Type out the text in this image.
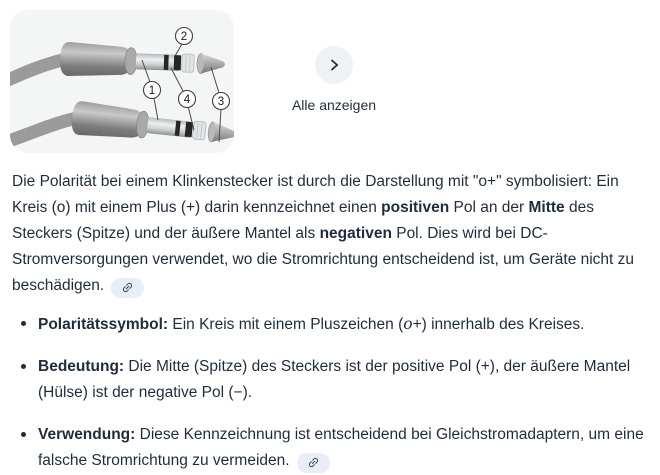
2
1
4 3	Alle anzeigen

Die Polarität bei einem Klinkenstecker ist durch die Darstellung mit "o+" symbolisiert: Ein Kreis (o) mit einem Plus (+) darin kennzeichnet einen positiven Pol an der Mitte des Steckers (Spitze) und der äußere Mantel als negativen Pol. Dies wird bei DC-Stromversorgungen verwendet, wo die Stromrichtung entscheidend ist, um Geräte nicht zu beschädigen.

Polaritätssymbol: Ein Kreis mit einem Pluszeichen (o+) innerhalb des Kreises.

Bedeutung: Die Mitte (Spitze) des Steckers ist der positive Pol (+), der äußere Mantel (Hülse) ist der negative Pol (−).

Verwendung: Diese Kennzeichnung ist entscheidend bei Gleichstromadaptern, um eine falsche Stromrichtung zu vermeiden.
